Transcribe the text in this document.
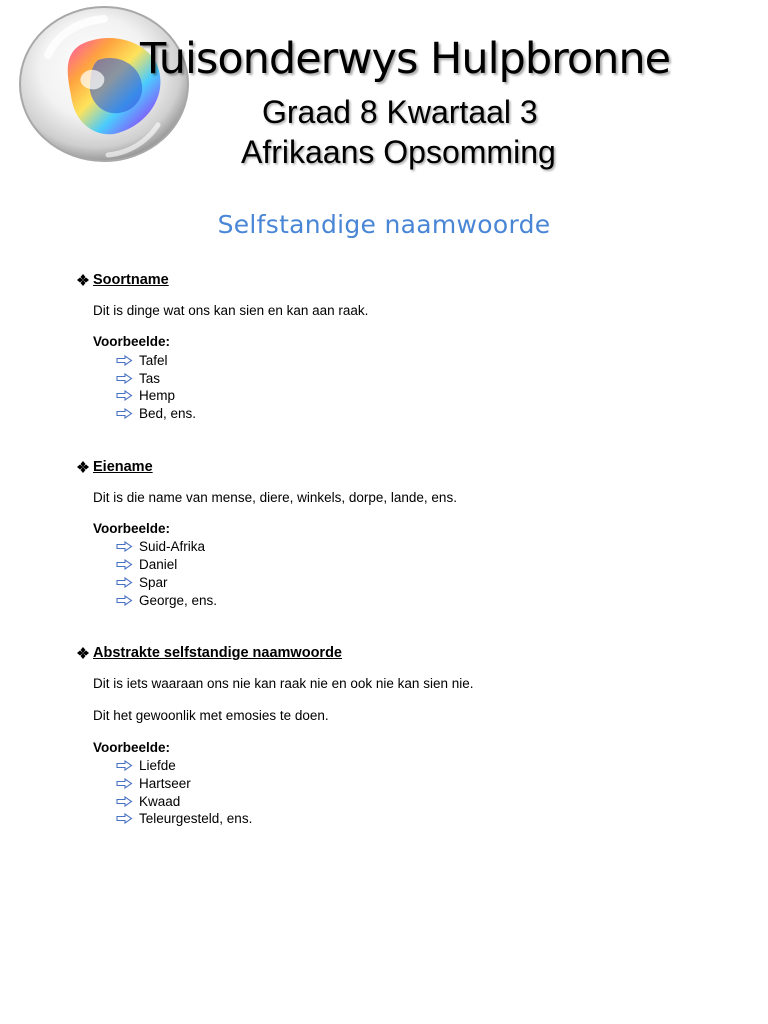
Tuisonderwys Hulpbronne
Graad 8 Kwartaal 3
Afrikaans Opsomming
Selfstandige naamwoorde
Soortname
Dit is dinge wat ons kan sien en kan aan raak.
Voorbeelde:
Tafel
Tas
Hemp
Bed, ens.
Eiename
Dit is die name van mense, diere, winkels, dorpe, lande, ens.
Voorbeelde:
Suid-Afrika
Daniel
Spar
George, ens.
Abstrakte selfstandige naamwoorde
Dit is iets waaraan ons nie kan raak nie en ook nie kan sien nie.
Dit het gewoonlik met emosies te doen.
Voorbeelde:
Liefde
Hartseer
Kwaad
Teleurgesteld, ens.
